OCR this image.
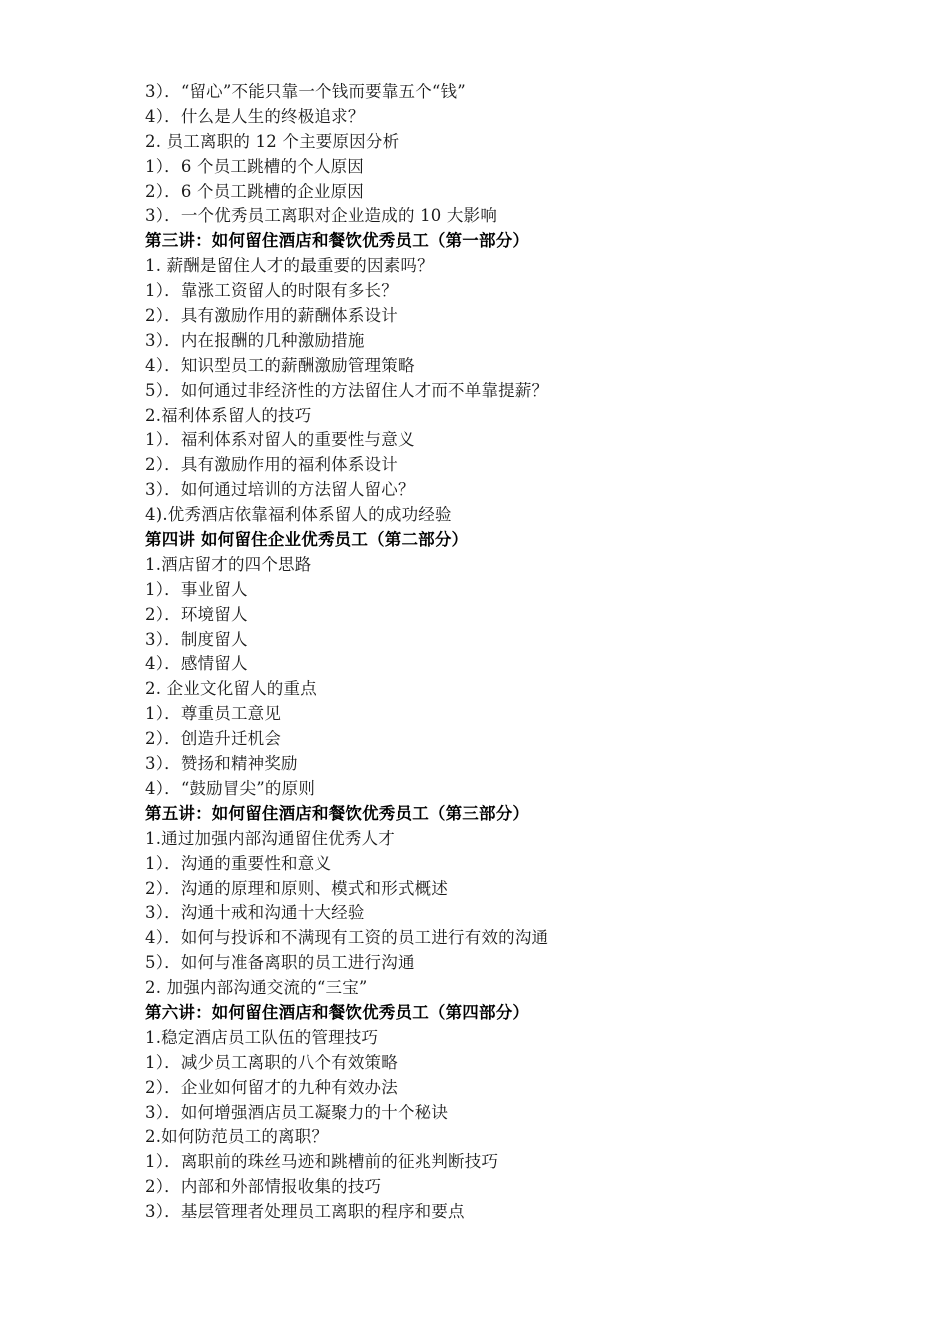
3）．“留心”不能只靠一个钱而要靠五个“钱”
4）．什么是人生的终极追求？
2. 员工离职的 12 个主要原因分析
1）．6 个员工跳槽的个人原因
2）．6 个员工跳槽的企业原因
3）．一个优秀员工离职对企业造成的 10 大影响
第三讲：如何留住酒店和餐饮优秀员工（第一部分）
1. 薪酬是留住人才的最重要的因素吗？
1）．靠涨工资留人的时限有多长？
2）．具有激励作用的薪酬体系设计
3）．内在报酬的几种激励措施
4）．知识型员工的薪酬激励管理策略
5）．如何通过非经济性的方法留住人才而不单靠提薪？
2.福利体系留人的技巧
1）．福利体系对留人的重要性与意义
2）．具有激励作用的福利体系设计
3）．如何通过培训的方法留人留心？
4).优秀酒店依靠福利体系留人的成功经验
第四讲 如何留住企业优秀员工（第二部分）
1.酒店留才的四个思路
1）．事业留人
2）．环境留人
3）．制度留人
4）．感情留人
2. 企业文化留人的重点
1）．尊重员工意见
2）．创造升迁机会
3）．赞扬和精神奖励
4）．“鼓励冒尖”的原则
第五讲：如何留住酒店和餐饮优秀员工（第三部分）
1.通过加强内部沟通留住优秀人才
1）．沟通的重要性和意义
2）．沟通的原理和原则、模式和形式概述
3）．沟通十戒和沟通十大经验
4）．如何与投诉和不满现有工资的员工进行有效的沟通
5）．如何与准备离职的员工进行沟通
2. 加强内部沟通交流的“三宝”
第六讲：如何留住酒店和餐饮优秀员工（第四部分）
1.稳定酒店员工队伍的管理技巧
1）．减少员工离职的八个有效策略
2）．企业如何留才的九种有效办法
3）．如何增强酒店员工凝聚力的十个秘诀
2.如何防范员工的离职？
1）．离职前的珠丝马迹和跳槽前的征兆判断技巧
2）．内部和外部情报收集的技巧
3）．基层管理者处理员工离职的程序和要点
